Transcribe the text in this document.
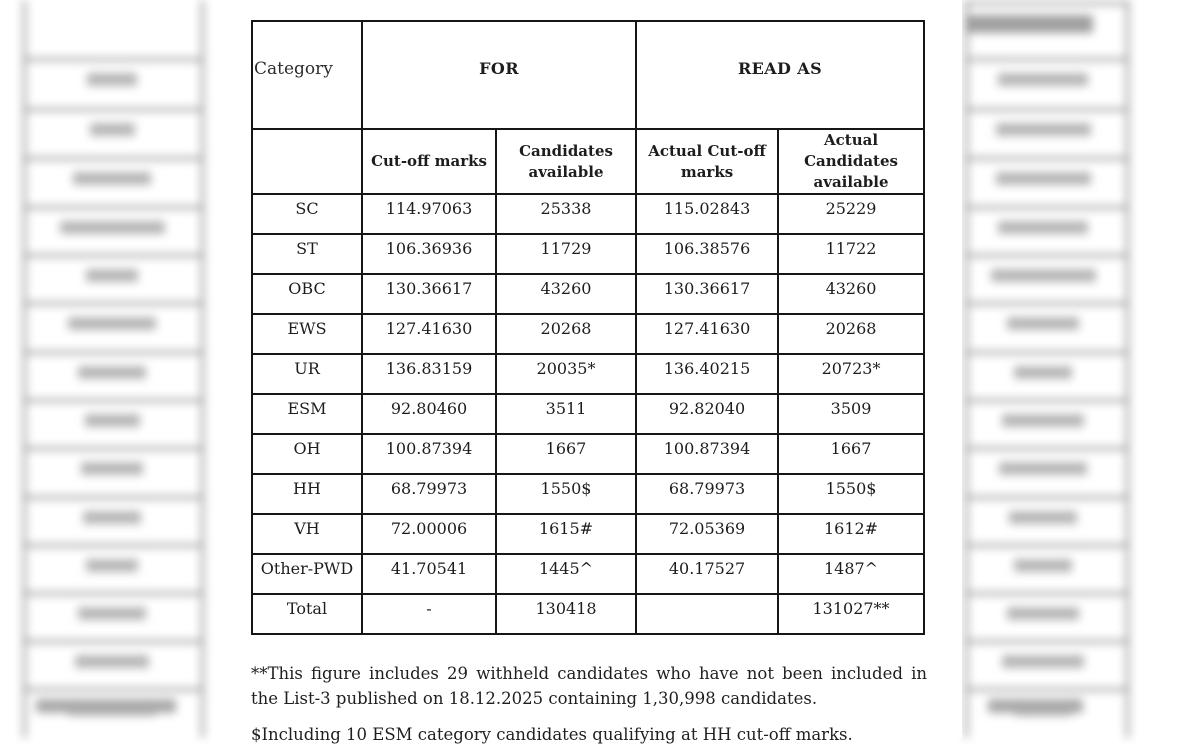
Category	FOR		READ AS	
	Cut-off marks	Candidates available	Actual Cut-off marks	Actual Candidates available
SC	114.97063	25338	115.02843	25229
ST	106.36936	11729	106.38576	11722
OBC	130.36617	43260	130.36617	43260
EWS	127.41630	20268	127.41630	20268
UR	136.83159	20035*	136.40215	20723*
ESM	92.80460	3511	92.82040	3509
OH	100.87394	1667	100.87394	1667
HH	68.79973	1550$	68.79973	1550$
VH	72.00006	1615#	72.05369	1612#
Other-PWD	41.70541	1445^	40.17527	1487^
Total	-	130418		131027**

**This figure includes 29 withheld candidates who have not been included in the List-3 published on 18.12.2025 containing 1,30,998 candidates.

$Including 10 ESM category candidates qualifying at HH cut-off marks.
